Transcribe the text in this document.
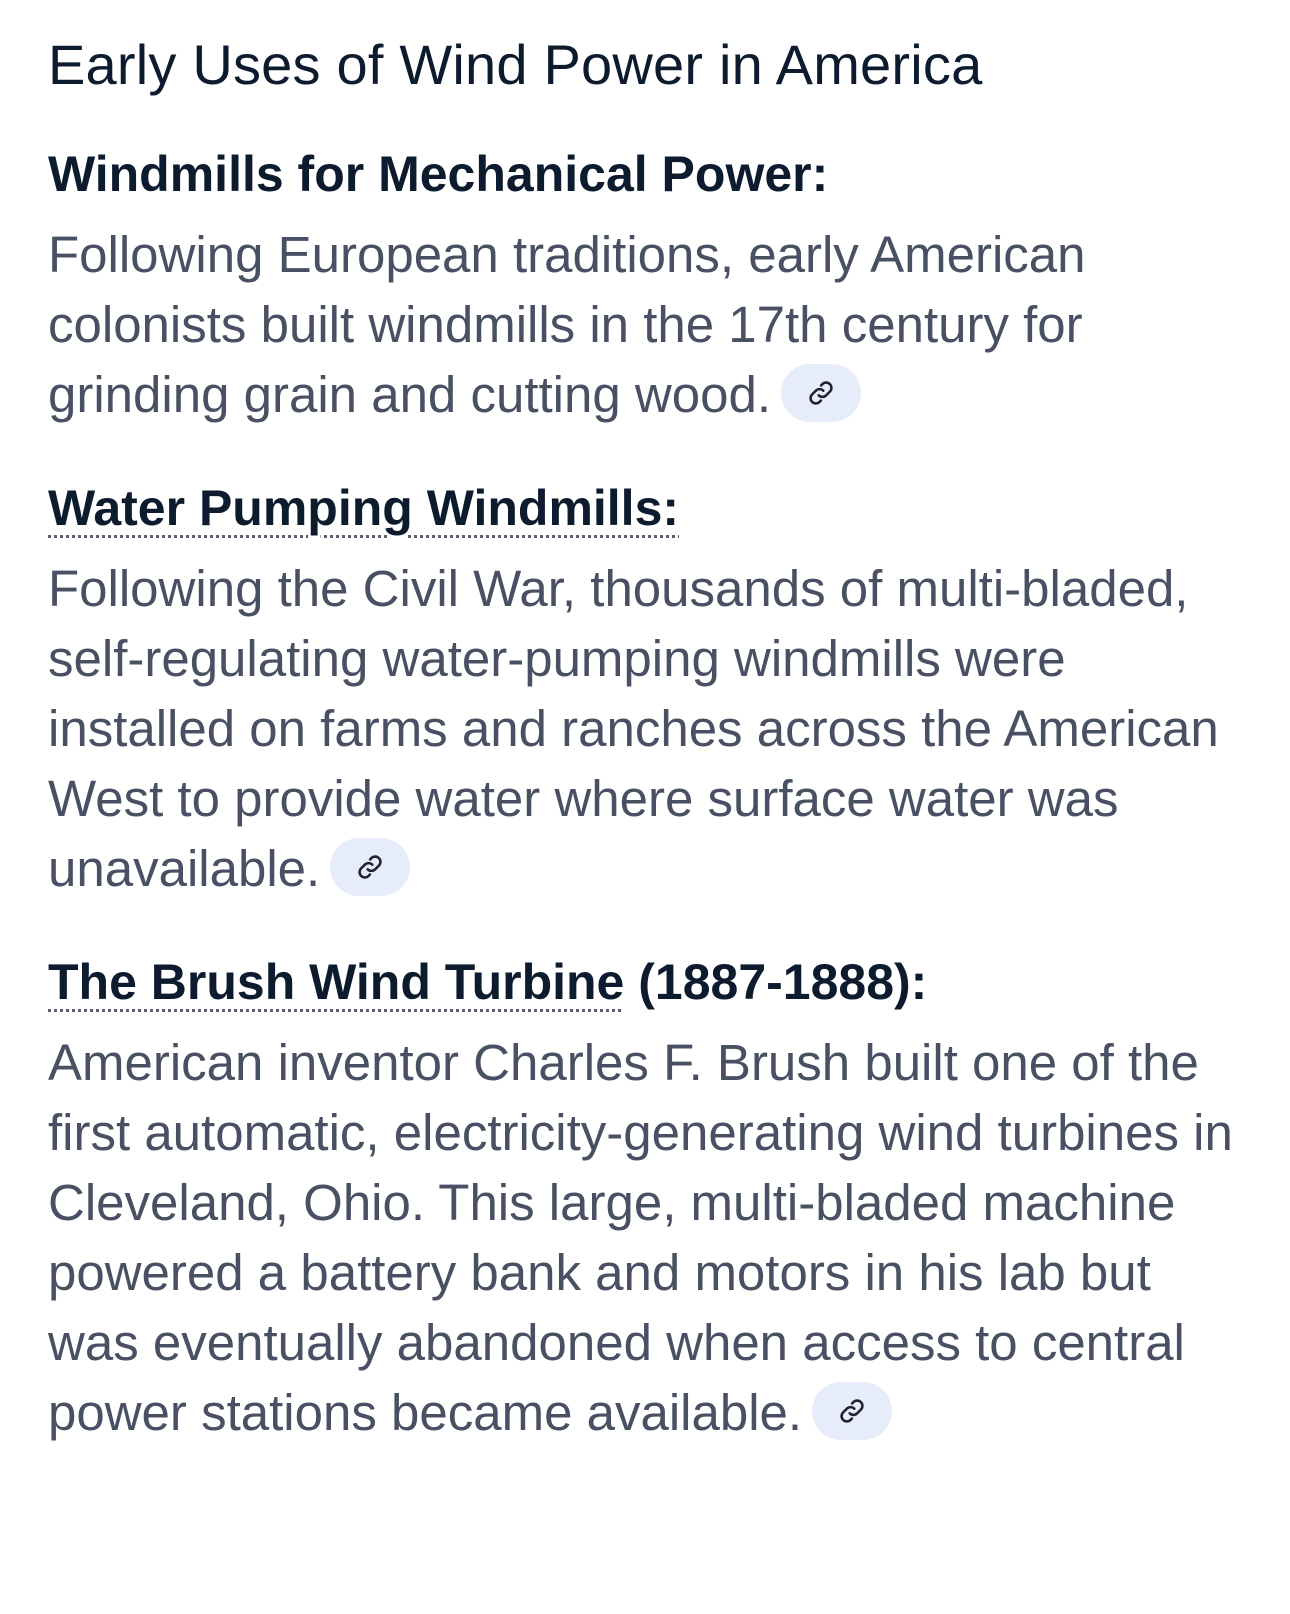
Early Uses of Wind Power in America
Windmills for Mechanical Power:

Following European traditions, early American colonists built windmills in the 17th century for grinding grain and cutting wood.

Water Pumping Windmills:

Following the Civil War, thousands of multi-bladed, self-regulating water-pumping windmills were installed on farms and ranches across the American West to provide water where surface water was unavailable.

The Brush Wind Turbine (1887-1888):

American inventor Charles F. Brush built one of the first automatic, electricity-generating wind turbines in Cleveland, Ohio. This large, multi-bladed machine powered a battery bank and motors in his lab but was eventually abandoned when access to central power stations became available.
